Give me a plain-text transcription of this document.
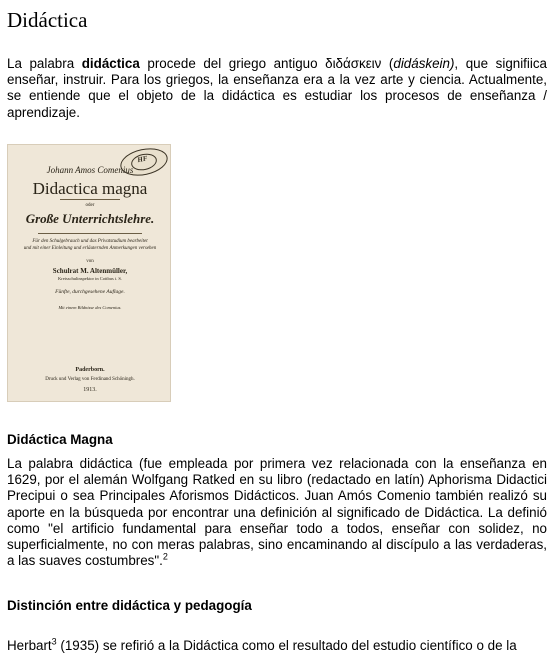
Didáctica

La palabra didáctica procede del griego antiguo διδάσκειν (didáskein), que signifiica enseñar, instruir. Para los griegos, la enseñanza era a la vez arte y ciencia. Actualmente, se entiende que el objeto de la didáctica es estudiar los procesos de enseñanza / aprendizaje.

HF
Johann Amos Comenius
Didactica magna
oder
Große Unterrichtslehre.
Für den Schulgebrauch und das Privatstudium bearbeitet
und mit einer Einleitung und erläuternden Anmerkungen versehen
von
Schulrat M. Altenmüller,
Kreisschulinspektor in Cottbus i. S.
Fünfte, durchgesehene Auflage.
Mit einem Bildnisse des Comenius.
Paderborn.
Druck und Verlag von Ferdinand Schöningh.
1913.
Didáctica Magna

La palabra didáctica (fue empleada por primera vez relacionada con la enseñanza en 1629, por el alemán Wolfgang Ratked en su libro (redactado en latín) Aphorisma Didactici Precipui o sea Principales Aforismos Didácticos. Juan Amós Comenio también realizó su aporte en la búsqueda por encontrar una definición al significado de Didáctica. La definió como "el artificio fundamental para enseñar todo a todos, enseñar con solidez, no superficialmente, no con meras palabras, sino encaminando al discípulo a las verdaderas, a las suaves costumbres".$^2$

Distinción entre didáctica y pedagogía

Herbart$^3$ (1935) se refirió a la Didáctica como el resultado del estudio científico o de la
